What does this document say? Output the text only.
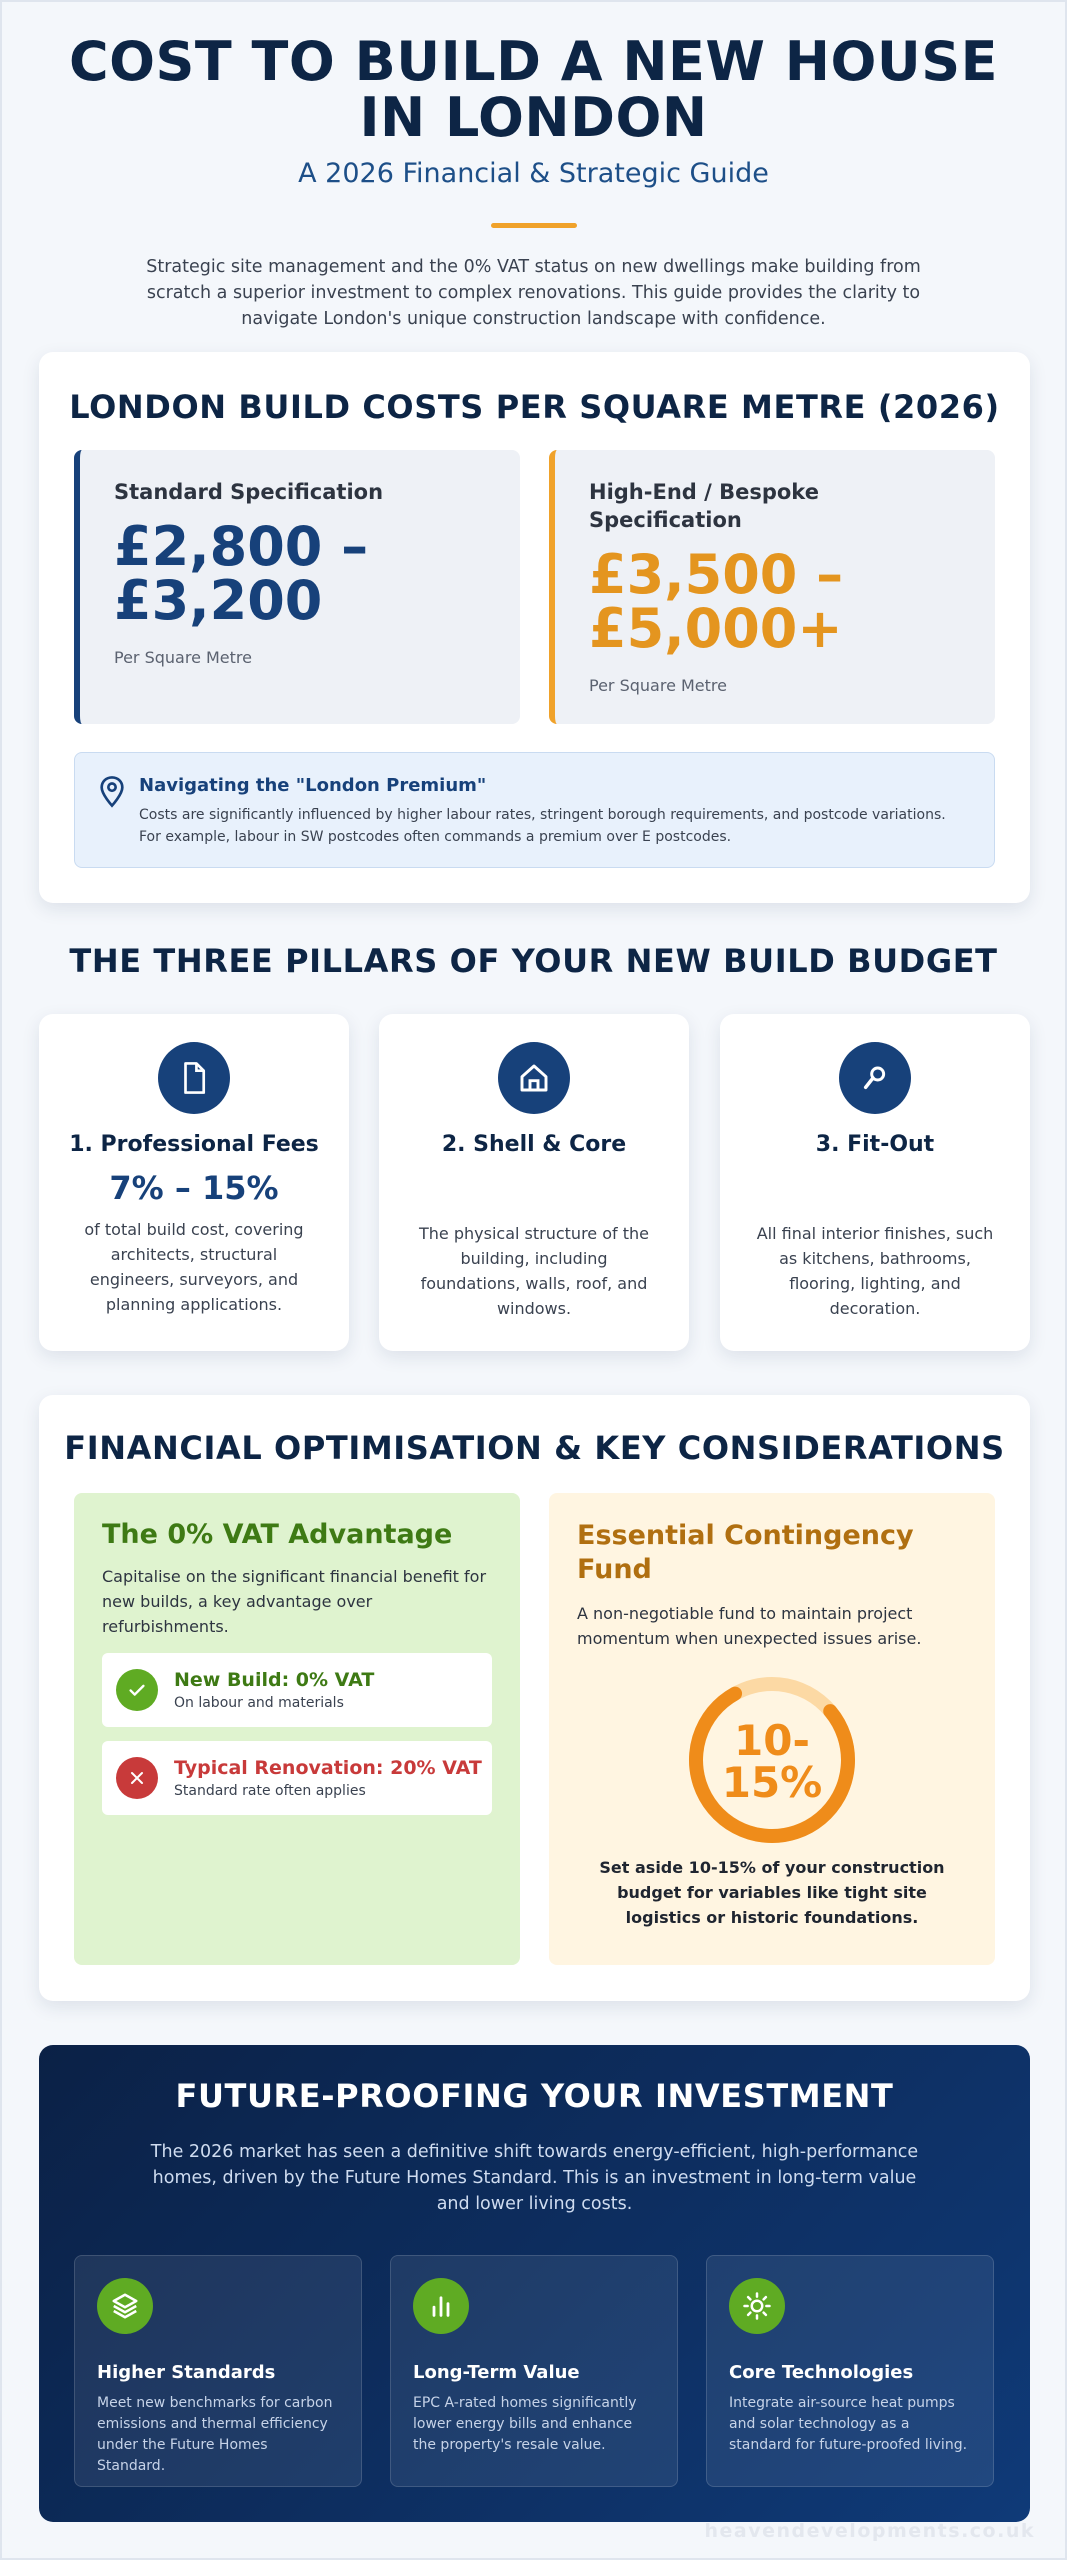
COST TO BUILD A NEW HOUSE IN LONDON
A 2026 Financial & Strategic Guide

Strategic site management and the 0% VAT status on new dwellings make building from scratch a superior investment to complex renovations. This guide provides the clarity to navigate London's unique construction landscape with confidence.

LONDON BUILD COSTS PER SQUARE METRE (2026)
Standard Specification
£2,800 – £3,200
Per Square Metre
High-End / Bespoke Specification
£3,500 – £5,000+
Per Square Metre
Navigating the "London Premium"
Costs are significantly influenced by higher labour rates, stringent borough requirements, and postcode variations. For example, labour in SW postcodes often commands a premium over E postcodes.
THE THREE PILLARS OF YOUR NEW BUILD BUDGET
1. Professional Fees
7% – 15%
of total build cost, covering architects, structural engineers, surveyors, and planning applications.
2. Shell & Core
The physical structure of the building, including foundations, walls, roof, and windows.
3. Fit-Out
All final interior finishes, such as kitchens, bathrooms, flooring, lighting, and decoration.
FINANCIAL OPTIMISATION & KEY CONSIDERATIONS
The 0% VAT Advantage
Capitalise on the significant financial benefit for new builds, a key advantage over refurbishments.
New Build: 0% VAT
On labour and materials
Typical Renovation: 20% VAT
Standard rate often applies
Essential Contingency Fund
A non-negotiable fund to maintain project momentum when unexpected issues arise.
10-
15%
Set aside 10-15% of your construction budget for variables like tight site logistics or historic foundations.
FUTURE-PROOFING YOUR INVESTMENT

The 2026 market has seen a definitive shift towards energy-efficient, high-performance homes, driven by the Future Homes Standard. This is an investment in long-term value and lower living costs.

Higher Standards
Meet new benchmarks for carbon emissions and thermal efficiency under the Future Homes Standard.
Long-Term Value
EPC A-rated homes significantly lower energy bills and enhance the property's resale value.
Core Technologies
Integrate air-source heat pumps and solar technology as a standard for future-proofed living.
heavendevelopments.co.uk
